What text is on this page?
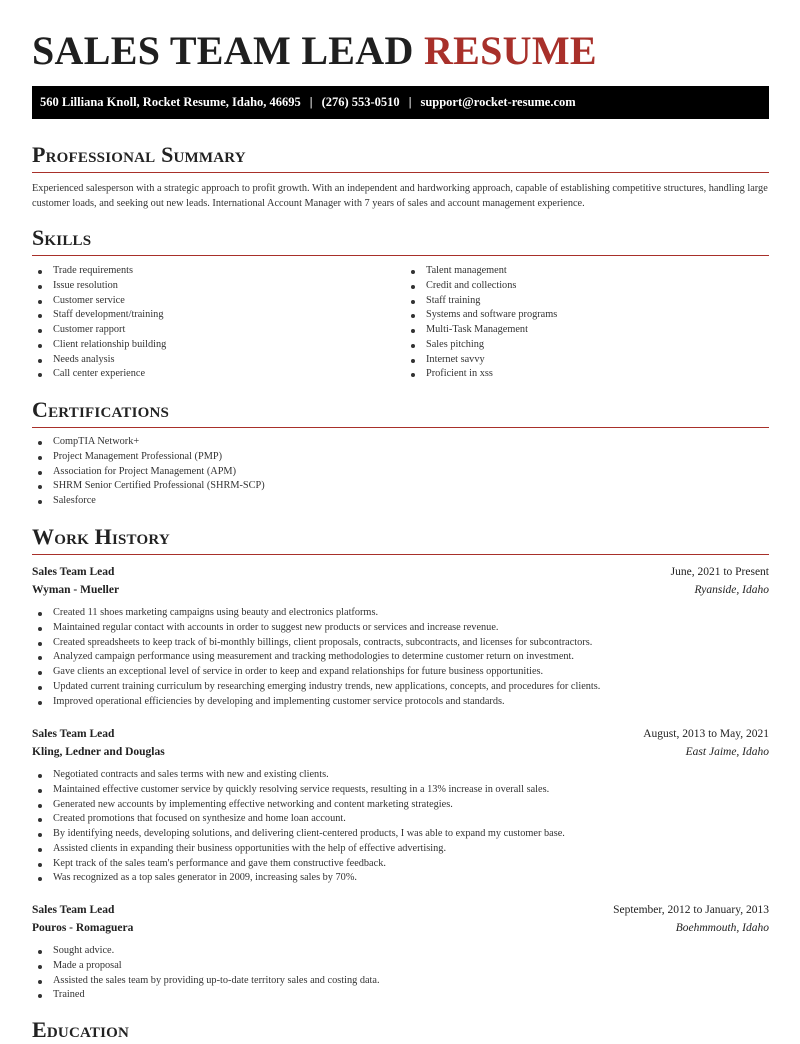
SALES TEAM LEAD RESUME
560 Lilliana Knoll, Rocket Resume, Idaho, 46695 | (276) 553-0510 | support@rocket-resume.com
Professional Summary

Experienced salesperson with a strategic approach to profit growth. With an independent and hardworking approach, capable of establishing competitive structures, handling large customer loads, and seeking out new leads. International Account Manager with 7 years of sales and account management experience.

Skills
Trade requirements
Issue resolution
Customer service
Staff development/training
Customer rapport
Client relationship building
Needs analysis
Call center experience
Talent management
Credit and collections
Staff training
Systems and software programs
Multi-Task Management
Sales pitching
Internet savvy
Proficient in xss
Certifications
CompTIA Network+
Project Management Professional (PMP)
Association for Project Management (APM)
SHRM Senior Certified Professional (SHRM-SCP)
Salesforce
Work History
Sales Team Lead	June, 2021 to Present
Wyman - Mueller	Ryanside, Idaho
Created 11 shoes marketing campaigns using beauty and electronics platforms.
Maintained regular contact with accounts in order to suggest new products or services and increase revenue.
Created spreadsheets to keep track of bi-monthly billings, client proposals, contracts, subcontracts, and licenses for subcontractors.
Analyzed campaign performance using measurement and tracking methodologies to determine customer return on investment.
Gave clients an exceptional level of service in order to keep and expand relationships for future business opportunities.
Updated current training curriculum by researching emerging industry trends, new applications, concepts, and procedures for clients.
Improved operational efficiencies by developing and implementing customer service protocols and standards.
Sales Team Lead	August, 2013 to May, 2021
Kling, Ledner and Douglas	East Jaime, Idaho
Negotiated contracts and sales terms with new and existing clients.
Maintained effective customer service by quickly resolving service requests, resulting in a 13% increase in overall sales.
Generated new accounts by implementing effective networking and content marketing strategies.
Created promotions that focused on synthesize and home loan account.
By identifying needs, developing solutions, and delivering client-centered products, I was able to expand my customer base.
Assisted clients in expanding their business opportunities with the help of effective advertising.
Kept track of the sales team's performance and gave them constructive feedback.
Was recognized as a top sales generator in 2009, increasing sales by 70%.
Sales Team Lead	September, 2012 to January, 2013
Pouros - Romaguera	Boehmmouth, Idaho
Sought advice.
Made a proposal
Assisted the sales team by providing up-to-date territory sales and costing data.
Trained
Education
